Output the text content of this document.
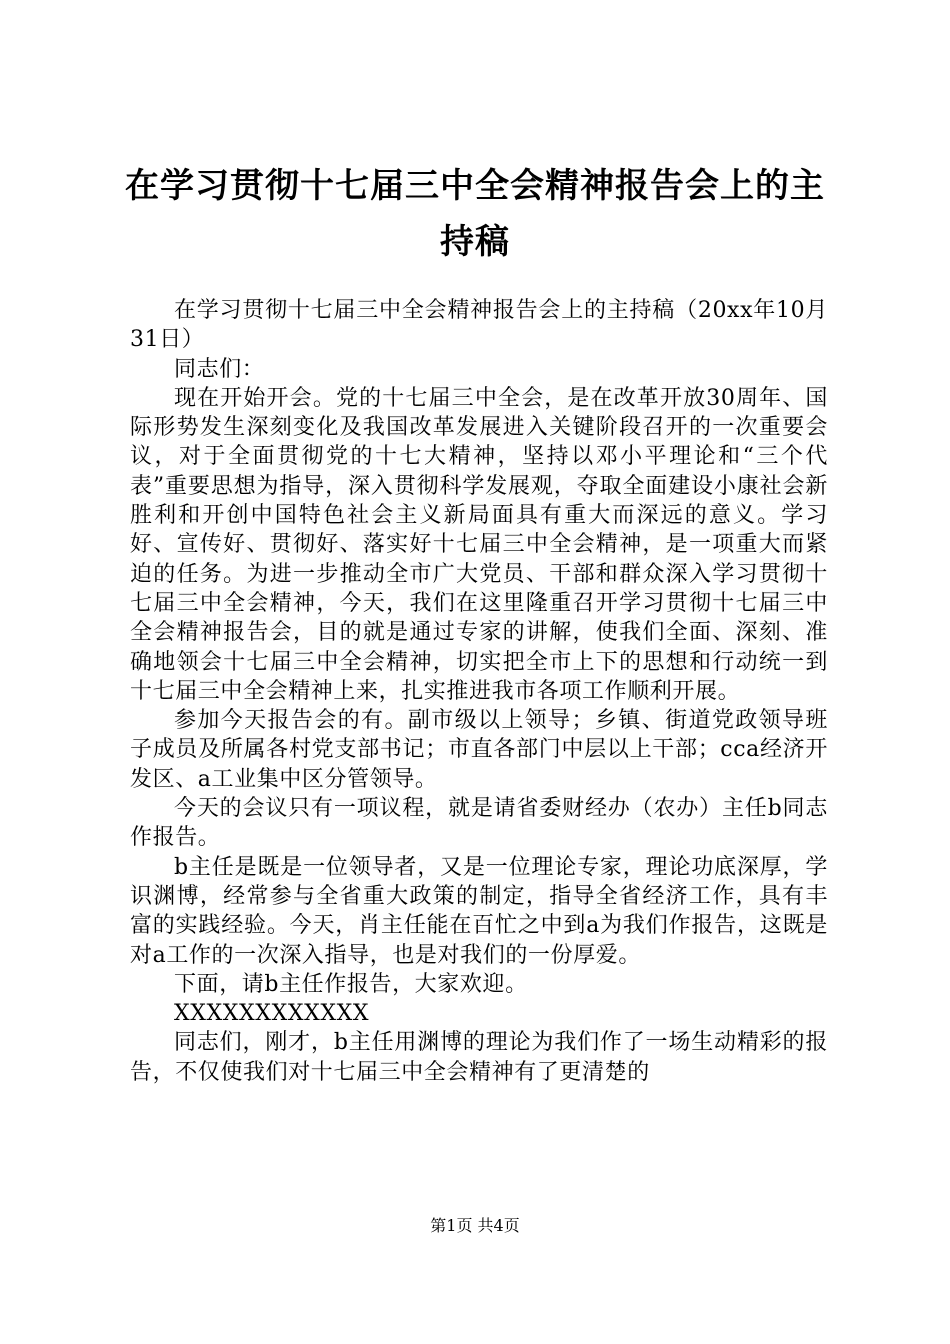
在学习贯彻十七届三中全会精神报告会上的主持稿

在学习贯彻十七届三中全会精神报告会上的主持稿（20xx年10月31日）

同志们：

现在开始开会。党的十七届三中全会，是在改革开放30周年、国际形势发生深刻变化及我国改革发展进入关键阶段召开的一次重要会议，对于全面贯彻党的十七大精神，坚持以邓小平理论和“三个代表”重要思想为指导，深入贯彻科学发展观，夺取全面建设小康社会新胜利和开创中国特色社会主义新局面具有重大而深远的意义。学习好、宣传好、贯彻好、落实好十七届三中全会精神，是一项重大而紧迫的任务。为进一步推动全市广大党员、干部和群众深入学习贯彻十七届三中全会精神，今天，我们在这里隆重召开学习贯彻十七届三中全会精神报告会，目的就是通过专家的讲解，使我们全面、深刻、准确地领会十七届三中全会精神，切实把全市上下的思想和行动统一到十七届三中全会精神上来，扎实推进我市各项工作顺利开展。

参加今天报告会的有。副市级以上领导；乡镇、街道党政领导班子成员及所属各村党支部书记；市直各部门中层以上干部；cca经济开发区、a工业集中区分管领导。

今天的会议只有一项议程，就是请省委财经办（农办）主任b同志作报告。

b主任是既是一位领导者，又是一位理论专家，理论功底深厚，学识渊博，经常参与全省重大政策的制定，指导全省经济工作，具有丰富的实践经验。今天，肖主任能在百忙之中到a为我们作报告，这既是对a工作的一次深入指导，也是对我们的一份厚爱。

下面，请b主任作报告，大家欢迎。

XXXXXXXXXXXX

同志们，刚才，b主任用渊博的理论为我们作了一场生动精彩的报告，不仅使我们对十七届三中全会精神有了更清楚的

第1页 共4页
